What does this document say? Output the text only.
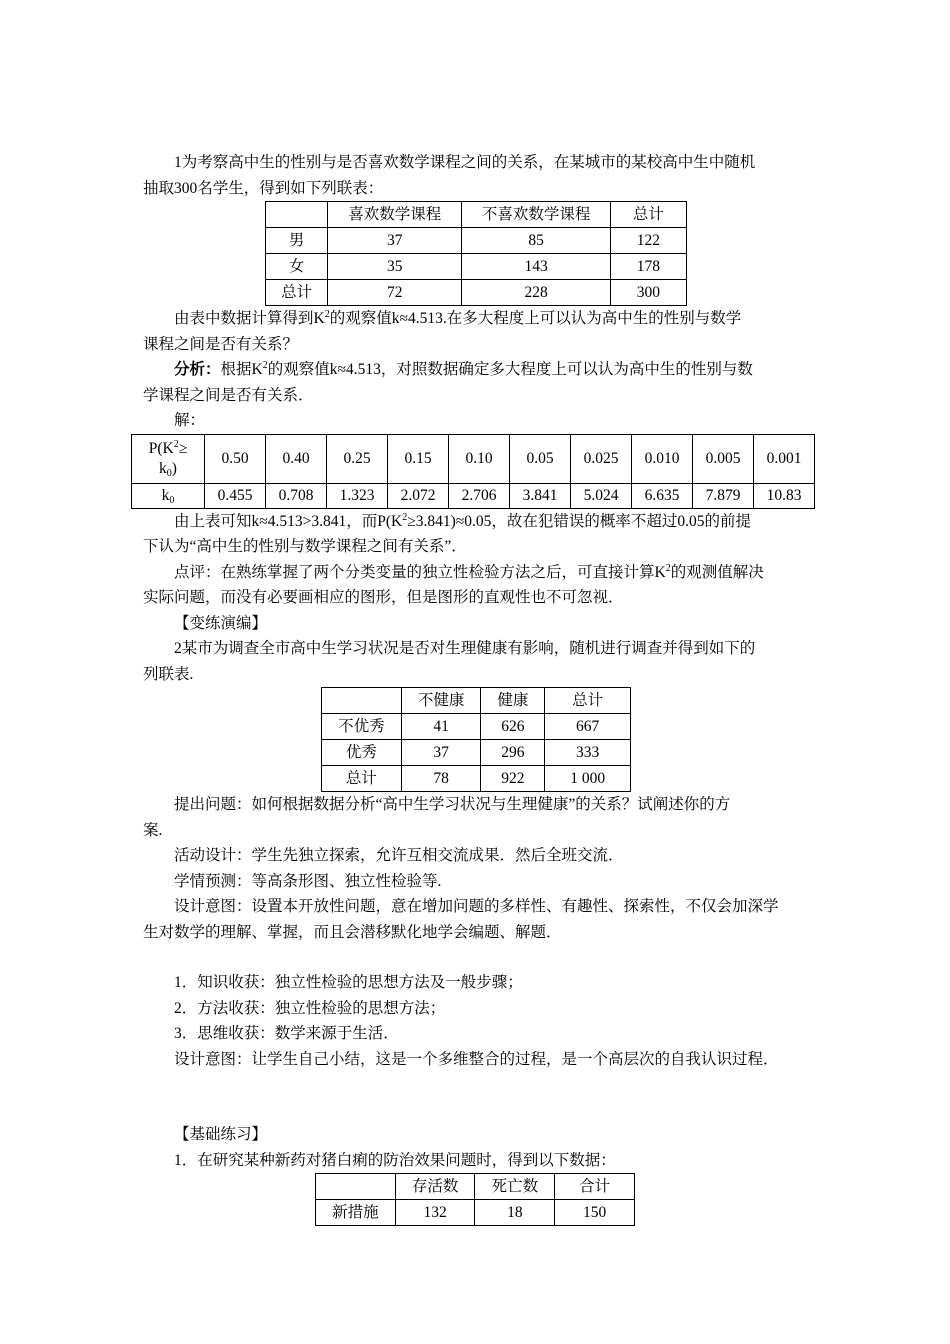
1为考察高中生的性别与是否喜欢数学课程之间的关系，在某城市的某校高中生中随机

抽取300名学生，得到如下列联表：

	喜欢数学课程	不喜欢数学课程	总计
男	37	85	122
女	35	143	178
总计	72	228	300

由表中数据计算得到$K^2$的观察值k≈4.513.在多大程度上可以认为高中生的性别与数学

课程之间是否有关系？

分析：根据$K^2$的观察值k≈4.513，对照数据确定多大程度上可以认为高中生的性别与数

学课程之间是否有关系．

解：

$P(K^2\ge$
$k_0$)	0.50	0.40	0.25	0.15	0.10	0.05	0.025	0.010	0.005	0.001
$k_0$	0.455	0.708	1.323	2.072	2.706	3.841	5.024	6.635	7.879	10.83

由上表可知k≈4.513>3.841，而$P(K^2\ge 3.841)\approx 0.05$，故在犯错误的概率不超过0.05的前提

下认为“高中生的性别与数学课程之间有关系”．

点评：在熟练掌握了两个分类变量的独立性检验方法之后，可直接计算$K^2$的观测值解决

实际问题，而没有必要画相应的图形，但是图形的直观性也不可忽视．

【变练演编】

2某市为调查全市高中生学习状况是否对生理健康有影响，随机进行调查并得到如下的

列联表.

	不健康	健康	总计
不优秀	41	626	667
优秀	37	296	333
总计	78	922	1 000

提出问题：如何根据数据分析“高中生学习状况与生理健康”的关系？试阐述你的方

案.

活动设计：学生先独立探索，允许互相交流成果．然后全班交流．

学情预测：等高条形图、独立性检验等.

设计意图：设置本开放性问题，意在增加问题的多样性、有趣性、探索性，不仅会加深学

生对数学的理解、掌握，而且会潜移默化地学会编题、解题．

1．知识收获：独立性检验的思想方法及一般步骤；

2．方法收获：独立性检验的思想方法；

3．思维收获：数学来源于生活．

设计意图：让学生自己小结，这是一个多维整合的过程，是一个高层次的自我认识过程．

【基础练习】

1．在研究某种新药对猪白痢的防治效果问题时，得到以下数据：

	存活数	死亡数	合计
新措施	132	18	150
